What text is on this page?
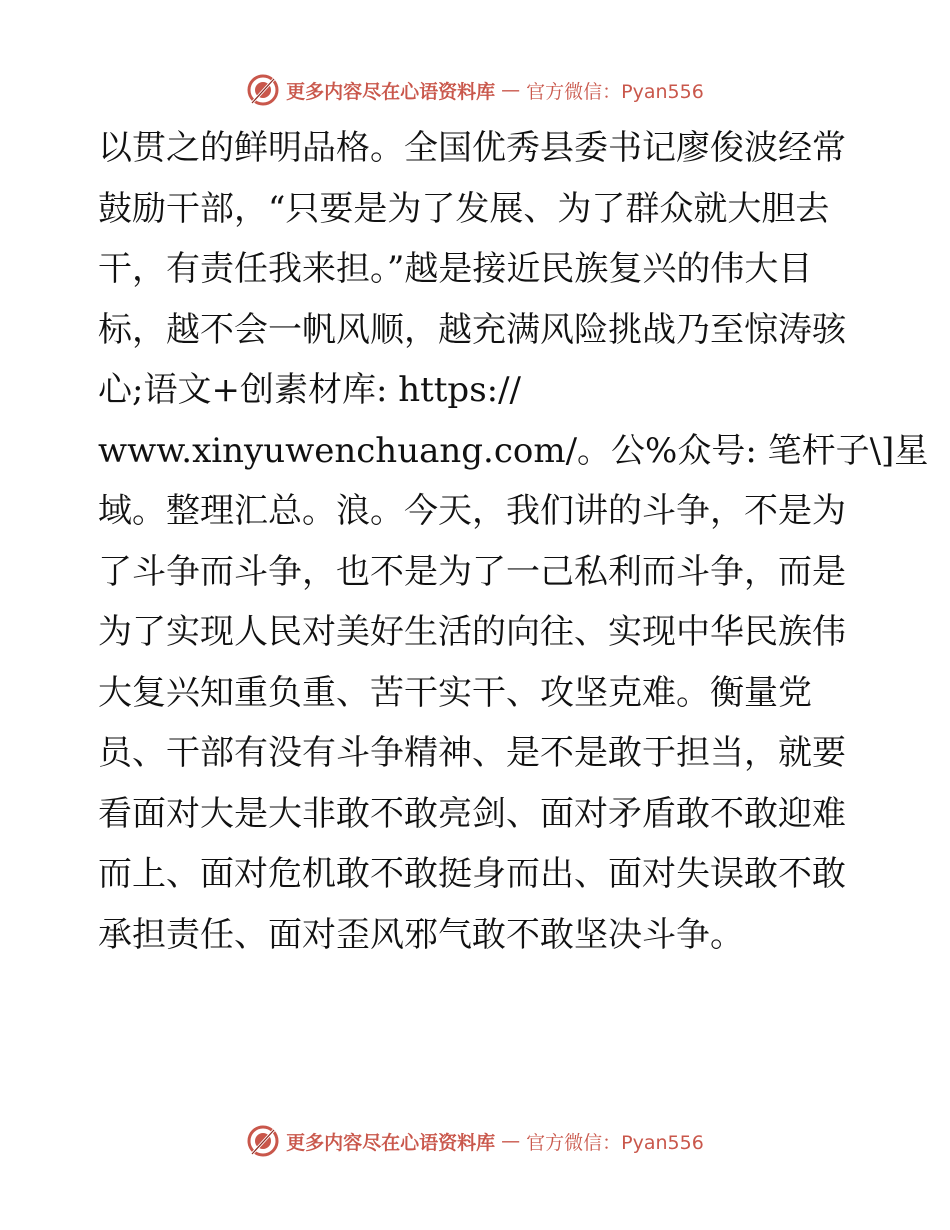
更多内容尽在心语资料库 — 官方微信：Pyan556
以贯之的鲜明品格。全国优秀县委书记廖俊波经常
鼓励干部，“只要是为了发展、为了群众就大胆去
干，有责任我来担。”越是接近民族复兴的伟大目
标，越不会一帆风顺，越充满风险挑战乃至惊涛骇
心;语文+创素材库: https://
www.xinyuwenchuang.com/。公%众号: 笔杆子\]星
域。整理汇总。浪。今天，我们讲的斗争，不是为
了斗争而斗争，也不是为了一己私利而斗争，而是
为了实现人民对美好生活的向往、实现中华民族伟
大复兴知重负重、苦干实干、攻坚克难。衡量党
员、干部有没有斗争精神、是不是敢于担当，就要
看面对大是大非敢不敢亮剑、面对矛盾敢不敢迎难
而上、面对危机敢不敢挺身而出、面对失误敢不敢
承担责任、面对歪风邪气敢不敢坚决斗争。
更多内容尽在心语资料库 — 官方微信：Pyan556
